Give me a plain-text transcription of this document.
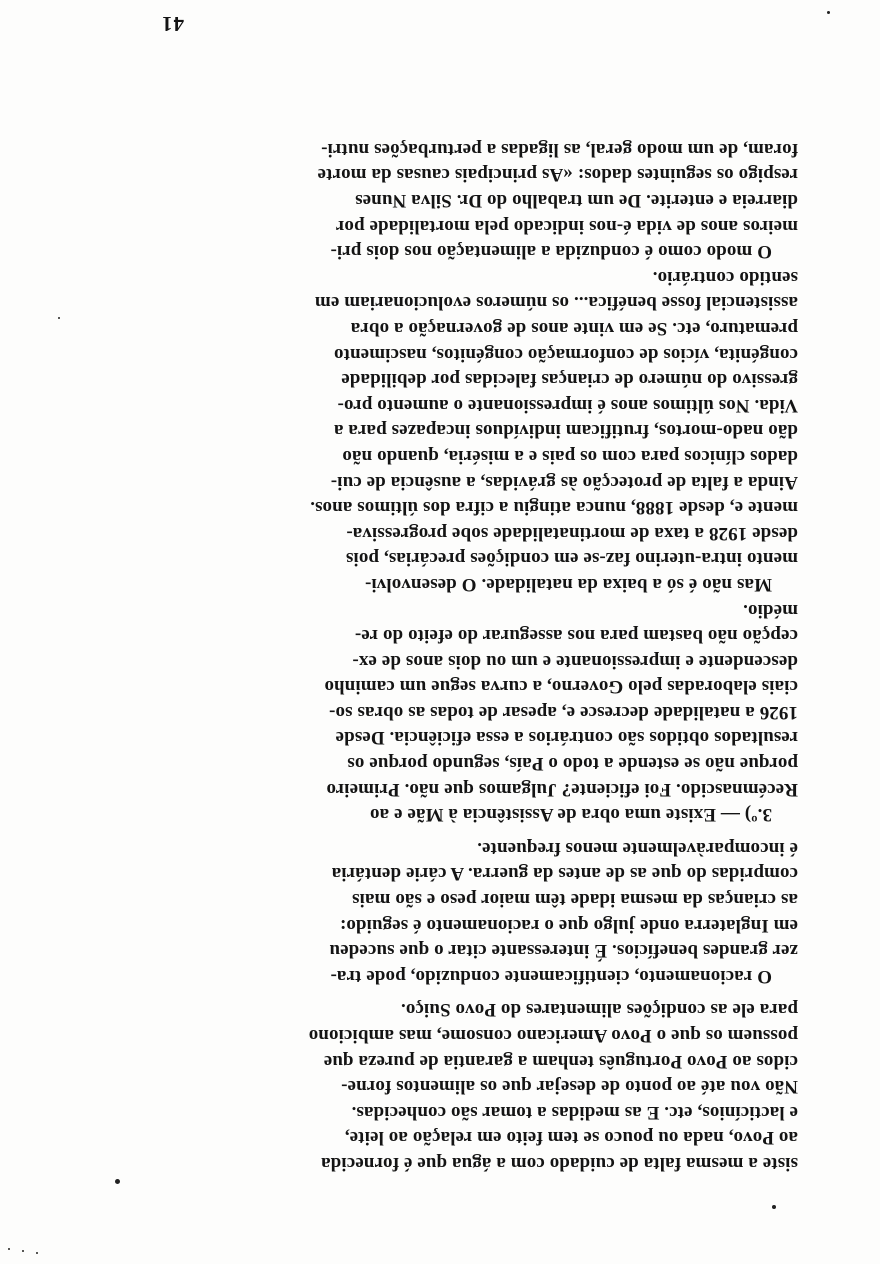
siste a mesma falta de cuidado com a água que é fornecida
ao Povo, nada ou pouco se tem feito em relação ao leite,
e lacticínios, etc. E as medidas a tomar são conhecidas.
Não vou até ao ponto de desejar que os alimentos forne-
cidos ao Povo Português tenham a garantia de pureza que
possuem os que o Povo Americano consome, mas ambiciono
para ele as condições alimentares do Povo Suiço.
O racionamento, cientificamente conduzido, pode tra-
zer grandes benefícios. É interessante citar o que sucedeu
em Inglaterra onde julgo que o racionamento é seguido:
as crianças da mesma idade têm maior peso e são mais
compridas do que as de antes da guerra. A cárie dentária
é incomparàvelmente menos frequente.
3.º) — Existe uma obra de Assistência à Mãe e ao
Recémnascido. Foi eficiente? Julgamos que não. Primeiro
porque não se estende a todo o País, segundo porque os
resultados obtidos são contrários a essa eficiência. Desde
1926 a natalidade decresce e, apesar de todas as obras so-
ciais elaboradas pelo Governo, a curva segue um caminho
descendente e impressionante e um ou dois anos de ex-
cepção não bastam para nos assegurar do efeito do re-
médio.
Mas não é só a baixa da natalidade. O desenvolvi-
mento intra-uterino faz-se em condições precárias, pois
desde 1928 a taxa de mortinatalidade sobe progressiva-
mente e, desde 1888, nunca atingiu a cifra dos últimos anos.
Ainda a falta de protecção às grávidas, a ausência de cui-
dados clínicos para com os pais e a miséria, quando não
dão nado-mortos, frutificam indivíduos incapazes para a
Vida. Nos últimos anos é impressionante o aumento pro-
gressivo do número de crianças falecidas por debilidade
congénita, vícios de conformação congénitos, nascimento
prematuro, etc. Se em vinte anos de governação a obra
assistencial fosse benéfica... os números evolucionariam em
sentido contrário.
O modo como é conduzida a alimentação nos dois pri-
meiros anos de vida é-nos indicado pela mortalidade por
diarreia e enterite. De um trabalho do Dr. Silva Nunes
respigo os seguintes dados: «As principais causas da morte
foram, de um modo geral, as ligadas a perturbações nutri-
41
